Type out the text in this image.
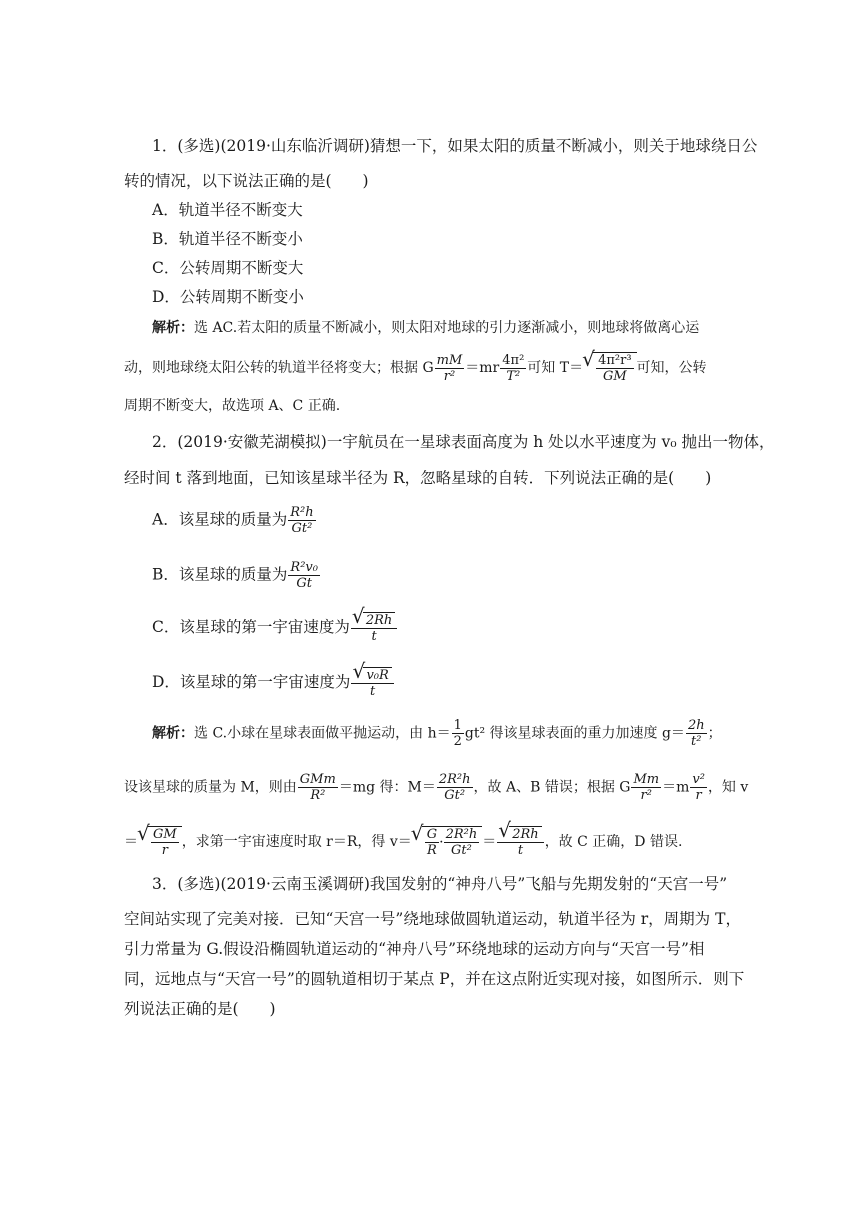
1．(多选)(2019·山东临沂调研)猜想一下，如果太阳的质量不断减小，则关于地球绕日公
转的情况，以下说法正确的是(　　)
A．轨道半径不断变大
B．轨道半径不断变小
C．公转周期不断变大
D．公转周期不断变小
解析：选 AC.若太阳的质量不断减小，则太阳对地球的引力逐渐减小，则地球将做离心运
动，则地球绕太阳公转的轨道半径将变大；根据 G $\frac{mM}{\text{r²}} =mr \frac{\text{4π²}}{\text{T²}}$ 可知 T＝ √ $\frac{\text{4π²r³}}{GM}$ 可知，公转
周期不断变大，故选项 A、C 正确.
2．(2019·安徽芜湖模拟)一宇航员在一星球表面高度为 h 处以水平速度为 v₀ 抛出一物体，
经时间 t 落到地面，已知该星球半径为 R，忽略星球的自转．下列说法正确的是(　　)
A．该星球的质量为 $\frac{\text{R²h}}{\text{Gt²}}$
B．该星球的质量为 $\frac{\text{R²v₀}}{Gt}$
C．该星球的第一宇宙速度为 √ $\frac{2Rh}{t}$
D．该星球的第一宇宙速度为 √ $\frac{\text{v₀R}}{t}$
解析：选 C.小球在星球表面做平抛运动，由 $h= \frac{1}{2} gt^2$ 得该星球表面的重力加速度 $g= \frac{2h}{\text{t²}}$ ；
设该星球的质量为 M，则由 $\frac{\text{GMm}}{\text{R²}} =mg$ 得：$M= \frac{\text{2R²h}}{\text{Gt²}}$ ，故 A、B 错误；根据 G $\frac{Mm}{\text{r²}} =m \frac{\text{v²}}{r}$ ，知 v
＝ √ $\frac{GM}{r}$ ，求第一宇宙速度时取 r＝R，得 v＝ √ $\frac{G}{R} \cdot \frac{\text{2R²h}}{\text{Gt²}}$ ＝ √ $\frac{2Rh}{t}$ ，故 C 正确，D 错误.
3．(多选)(2019·云南玉溪调研)我国发射的“神舟八号”飞船与先期发射的“天宫一号”
空间站实现了完美对接．已知“天宫一号”绕地球做圆轨道运动，轨道半径为 r，周期为 T，
引力常量为 G.假设沿椭圆轨道运动的“神舟八号”环绕地球的运动方向与“天宫一号”相
同，远地点与“天宫一号”的圆轨道相切于某点 P，并在这点附近实现对接，如图所示．则下
列说法正确的是(　　)
